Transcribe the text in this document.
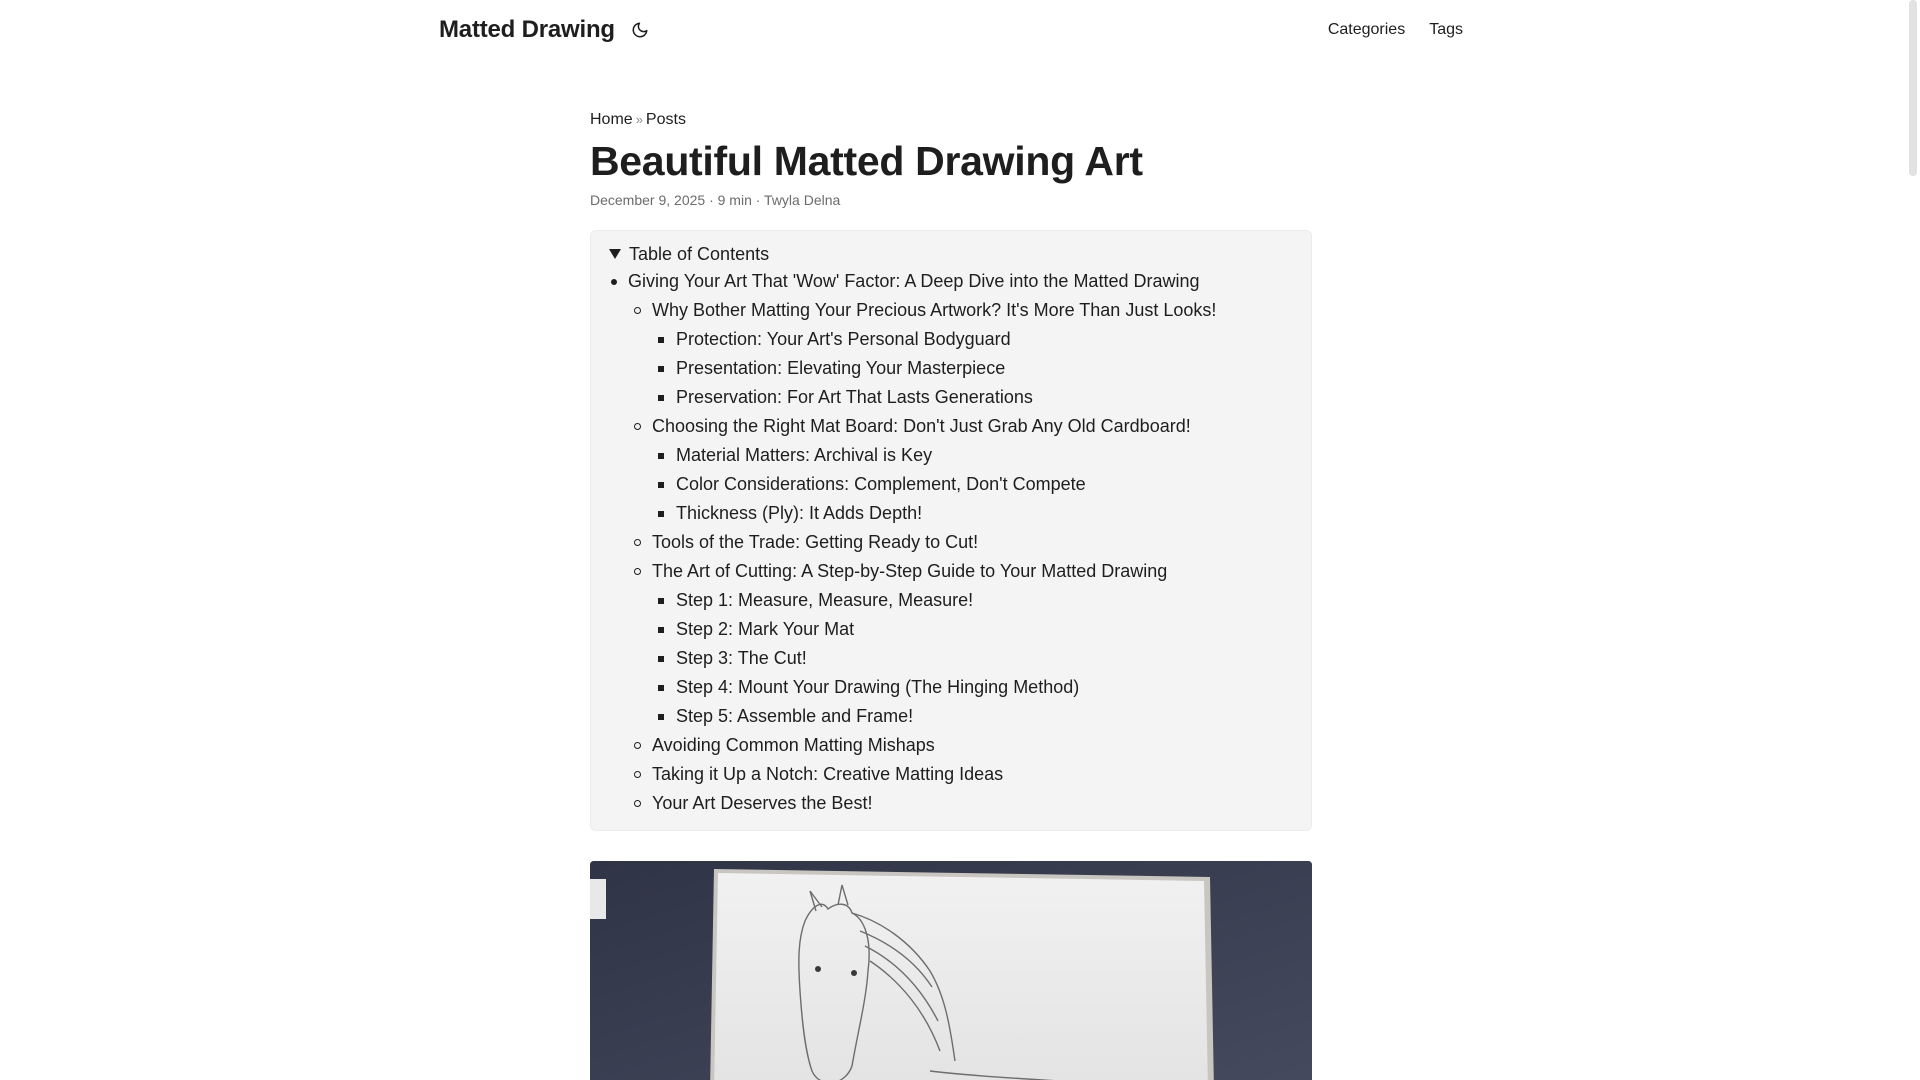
Matted Drawing	Categories Tags
Home » Posts
Beautiful Matted Drawing Art
December 9, 2025 · 9 min · Twyla Delna
Table of Contents
Giving Your Art That 'Wow' Factor: A Deep Dive into the Matted Drawing
Why Bother Matting Your Precious Artwork? It's More Than Just Looks!
Protection: Your Art's Personal Bodyguard
Presentation: Elevating Your Masterpiece
Preservation: For Art That Lasts Generations
Choosing the Right Mat Board: Don't Just Grab Any Old Cardboard!
Material Matters: Archival is Key
Color Considerations: Complement, Don't Compete
Thickness (Ply): It Adds Depth!
Tools of the Trade: Getting Ready to Cut!
The Art of Cutting: A Step-by-Step Guide to Your Matted Drawing
Step 1: Measure, Measure, Measure!
Step 2: Mark Your Mat
Step 3: The Cut!
Step 4: Mount Your Drawing (The Hinging Method)
Step 5: Assemble and Frame!
Avoiding Common Matting Mishaps
Taking it Up a Notch: Creative Matting Ideas
Your Art Deserves the Best!
